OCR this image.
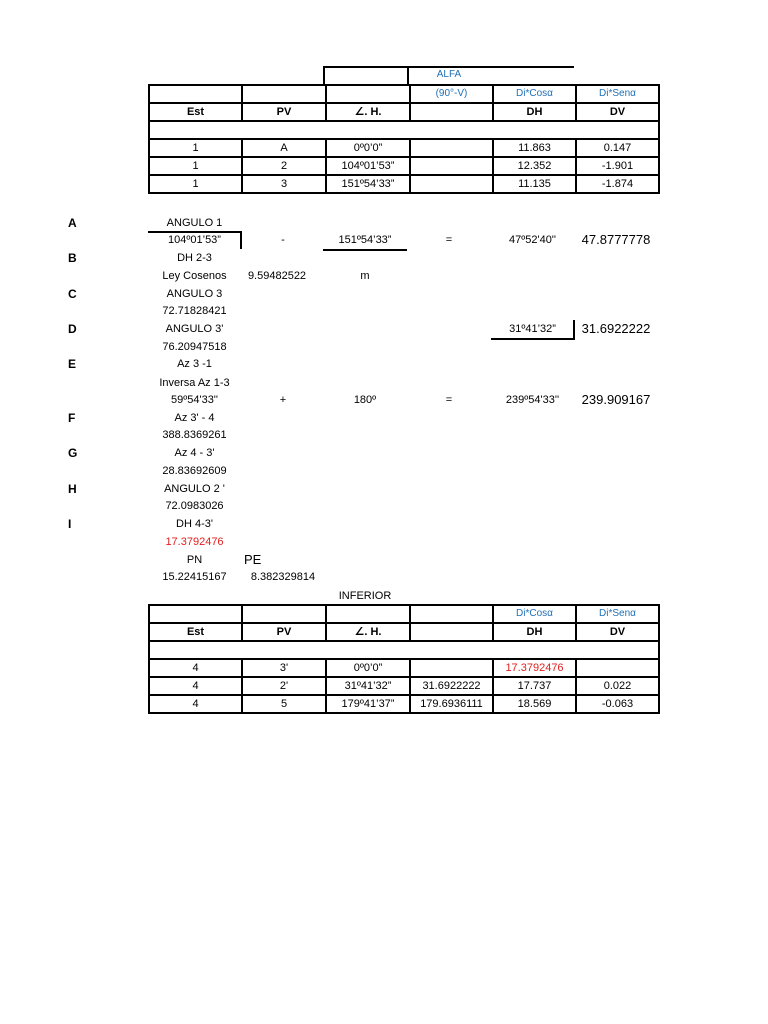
ALFA
			(90°-V)	Di*Cosα	Di*Senα
Est	PV	∠. H.		DH	DV

1	A	0º0’0”		11.863	0.147
1	2	104º01’53”		12.352	-1.901
1	3	151º54’33”		11.135	-1.874
A	ANGULO 1
104º01’53”	-	151º54’33”	=	47º52'40''	47.8777778
B	DH 2-3
Ley Cosenos	9.59482522	m
C	ANGULO 3
72.71828421
D	ANGULO 3'
76.20947518
31º41’32”	31.6922222
E	Az 3 -1
Inversa Az 1-3
59º54'33''	+	180º	=	239º54'33''	239.909167
F	Az 3' - 4
388.8369261
G	Az 4 - 3'
28.83692609
H	ANGULO 2 '
72.0983026
I	DH 4-3'
17.3792476
PN	PE
15.22415167	8.382329814
INFERIOR
				Di*Cosα	Di*Senα
Est	PV	∠. H.		DH	DV

4	3'	0º0’0”		17.3792476	
4	2'	31º41’32”	31.6922222	17.737	0.022
4	5	179º41’37”	179.6936111	18.569	-0.063
